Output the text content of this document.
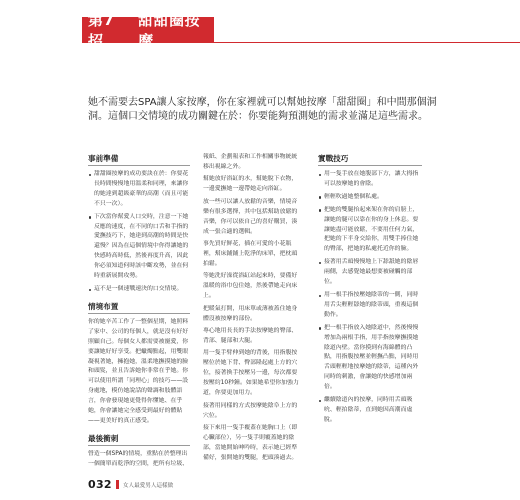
第7招
甜甜圈按摩

她不需要去SPA讓人家按摩，你在家裡就可以幫她按摩「甜甜圈」和中間那個洞洞。這個口交情境的成功關鍵在於：你要能夠預測她的需求並滿足這些需求。

事前準備
甜甜圈按摩的成功要訣在於：你要花長時間慢慢地用溫柔和同理，來讓你的她達到超級豪華的高潮（而且可能不只一次）。
下次當你幫愛人口交時，注意一下她反應的速度，在不同的口舌和手指的愛撫技巧下，她達到高潮的時間是快還慢？因為在這個情境中你得讓她的快感時高時低，然後再度升高，因此你必須知道何時該中斷攻勢，並在何時重新展開攻勢。
這不是一個速戰速決的口交情境。
情境布置

你的她辛苦工作了一整個星期，她照料了家中、公司的每個人，就是沒有好好照顧自己。每個女人都需要被寵愛，你要讓她好好享受。把蠟燭點起，用雙眼凝視著她，擁抱她，溫柔地撫摸她的臉和頭髮，並且告訴她你非常在乎她。你可以使用所謂「同理心」的技巧——設身處地，模仿她說話的聲調和肢體語言，你會發現她更覺得你懂她、在乎她，你會讓她完全感受到最好的體貼——更美好的真正感受。

最後衝刺

營造一個SPA的情境，重點在於整理出一個簡單而乾淨的空間，把所有垃圾、

報紙、企劃報表和工作相關事物統統移出視線之外。

幫她放好浴缸的水，幫她脫下衣物，一邊愛撫她一邊帶她走向浴缸。

放一些可以讓人放鬆的音樂，情境音樂有很多選擇，其中包括幫助放鬆的音樂，你可以依自己的喜好購買，湊成一張合適的選輯。

事先買好鮮花，插在可愛的小花瓶裡，幫床鋪鋪上乾淨的床單，把枕頭拍鬆。

等她洗好澡從浴缸站起來時，要備好溫暖的浴巾包住她，然後帶她走向床上。

把暖氣打開，用床單或薄被蓋住她身體沒被按摩的部份。

專心地用長長的手法按摩她的臀部、背部、腿部和大腿。

用一隻手臂伸到她的背後，用指腹按壓位於她下背、臀部隆起處上方的穴位，接著換手按壓另一邊，每次都要按壓約10秒鐘。如果她希望你加強力道，你要更加用力。

接著用同樣的方式按摩她陰阜上方的穴位。

接下來用一隻手覆蓋在她胸口上（即心臟部位），另一隻手則覆蓋她的陰部，當她開始呻吟時，表示她已經準備好，張開她的雙腿，把頭湊過去。

實戰技巧
用一隻手放在她腹部下方，讓大拇指可以按摩她的會陰。
輕輕吹過她整個私處。
把她的雙腿抬起來架在你的肩膀上，讓她的腿可以靠在你的身上休息。要讓她盡可能放鬆，不要用任何力氣，把她的下半身交給你，用雙手捧住她的臀部，把她的私處托近你的臉。
接著用舌頭慢慢地上下舔舐她的陰唇兩側，去感覺她最想要被碰觸的部位。
用一根手指按壓她陰蒂的一側，同時用舌尖輕輕舔她的陰蒂頭，重複這個動作。
把一根手指放入她陰道中，然後慢慢增加為兩根手指，用手指按摩撫摸她陰道內壁。當你摸到有海綿體的凸點，用指腹按壓並輕撫凸點，同時用舌頭輕輕地按摩她的陰蒂，這種內外同時的刺激，會讓她的快感增加兩倍。
繼續陰道內的按摩，同時用舌頭吸吮、輕拍陰蒂，直到她因高潮而虛脫。
032 女人最愛男人這樣做
